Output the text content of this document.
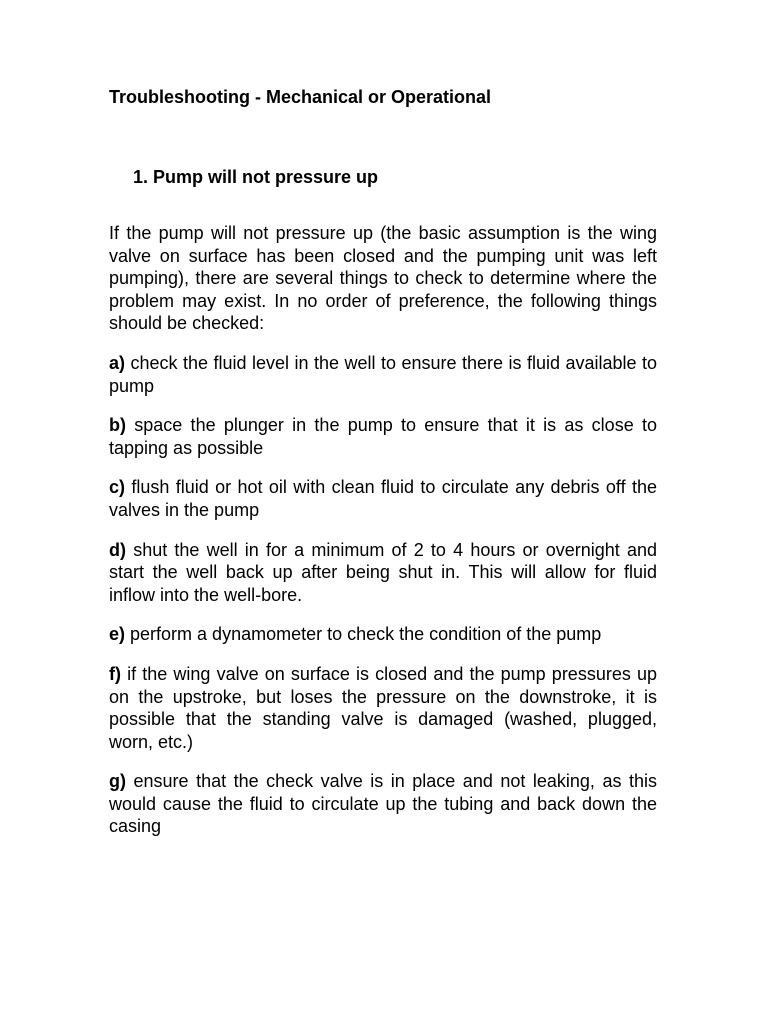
Troubleshooting - Mechanical or Operational
1. Pump will not pressure up

If the pump will not pressure up (the basic assumption is the wing valve on surface has been closed and the pumping unit was left pumping), there are several things to check to determine where the problem may exist. In no order of preference, the following things should be checked:

a) check the fluid level in the well to ensure there is fluid available to pump
b) space the plunger in the pump to ensure that it is as close to tapping as possible
c) flush fluid or hot oil with clean fluid to circulate any debris off the valves in the pump
d) shut the well in for a minimum of 2 to 4 hours or overnight and start the well back up after being shut in. This will allow for fluid inflow into the well-bore.
e) perform a dynamometer to check the condition of the pump
f) if the wing valve on surface is closed and the pump pressures up on the upstroke, but loses the pressure on the downstroke, it is possible that the standing valve is damaged (washed, plugged, worn, etc.)
g) ensure that the check valve is in place and not leaking, as this would cause the fluid to circulate up the tubing and back down the casing
